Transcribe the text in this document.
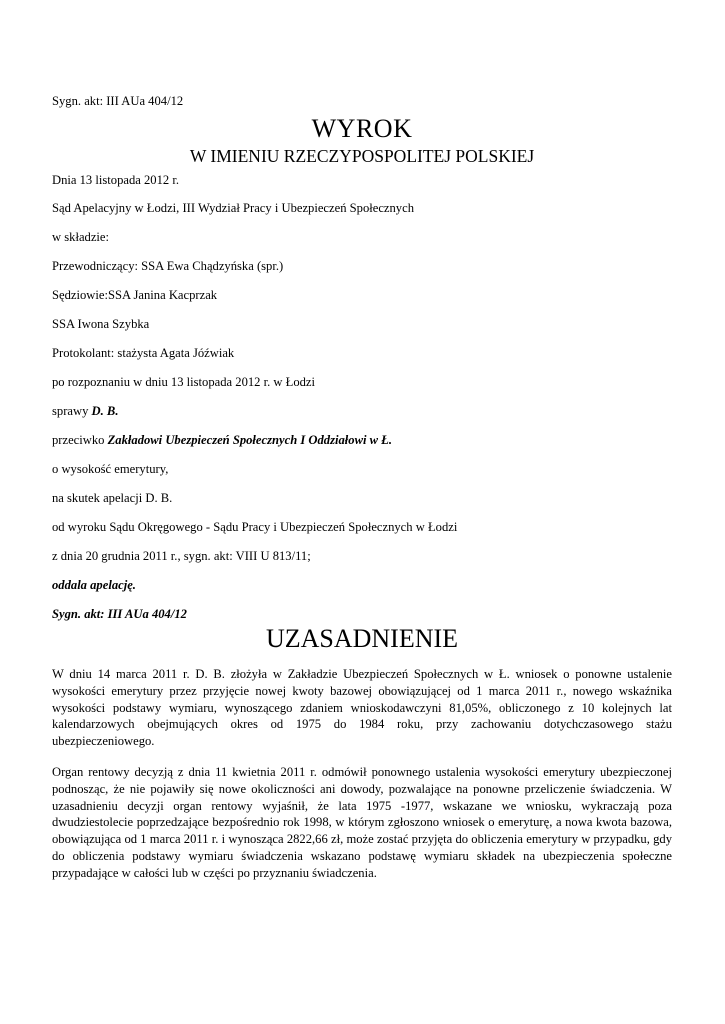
Sygn. akt: III AUa 404/12
WYROK
W IMIENIU RZECZYPOSPOLITEJ POLSKIEJ
Dnia 13 listopada 2012 r.
Sąd Apelacyjny w Łodzi, III Wydział Pracy i Ubezpieczeń Społecznych
w składzie:
Przewodniczący: SSA Ewa Chądzyńska (spr.)
Sędziowie:SSA Janina Kacprzak
SSA Iwona Szybka
Protokolant: stażysta Agata Jóźwiak
po rozpoznaniu w dniu 13 listopada 2012 r. w Łodzi
sprawy D. B.
przeciwko Zakładowi Ubezpieczeń Społecznych I Oddziałowi w Ł.
o wysokość emerytury,
na skutek apelacji D. B.
od wyroku Sądu Okręgowego - Sądu Pracy i Ubezpieczeń Społecznych w Łodzi
z dnia 20 grudnia 2011 r., sygn. akt: VIII U 813/11;
oddala apelację.
Sygn. akt: III AUa 404/12
UZASADNIENIE

W dniu 14 marca 2011 r. D. B. złożyła w Zakładzie Ubezpieczeń Społecznych w Ł. wniosek o ponowne ustalenie wysokości emerytury przez przyjęcie nowej kwoty bazowej obowiązującej od 1 marca 2011 r., nowego wskaźnika wysokości podstawy wymiaru, wynoszącego zdaniem wnioskodawczyni 81,05%, obliczonego z 10 kolejnych lat kalendarzowych obejmujących okres od 1975 do 1984 roku, przy zachowaniu dotychczasowego stażu ubezpieczeniowego.

Organ rentowy decyzją z dnia 11 kwietnia 2011 r. odmówił ponownego ustalenia wysokości emerytury ubezpieczonej podnosząc, że nie pojawiły się nowe okoliczności ani dowody, pozwalające na ponowne przeliczenie świadczenia. W uzasadnieniu decyzji organ rentowy wyjaśnił, że lata 1975 -1977, wskazane we wniosku, wykraczają poza dwudziestolecie poprzedzające bezpośrednio rok 1998, w którym zgłoszono wniosek o emeryturę, a nowa kwota bazowa, obowiązująca od 1 marca 2011 r. i wynosząca 2822,66 zł, może zostać przyjęta do obliczenia emerytury w przypadku, gdy do obliczenia podstawy wymiaru świadczenia wskazano podstawę wymiaru składek na ubezpieczenia społeczne przypadające w całości lub w części po przyznaniu świadczenia.
